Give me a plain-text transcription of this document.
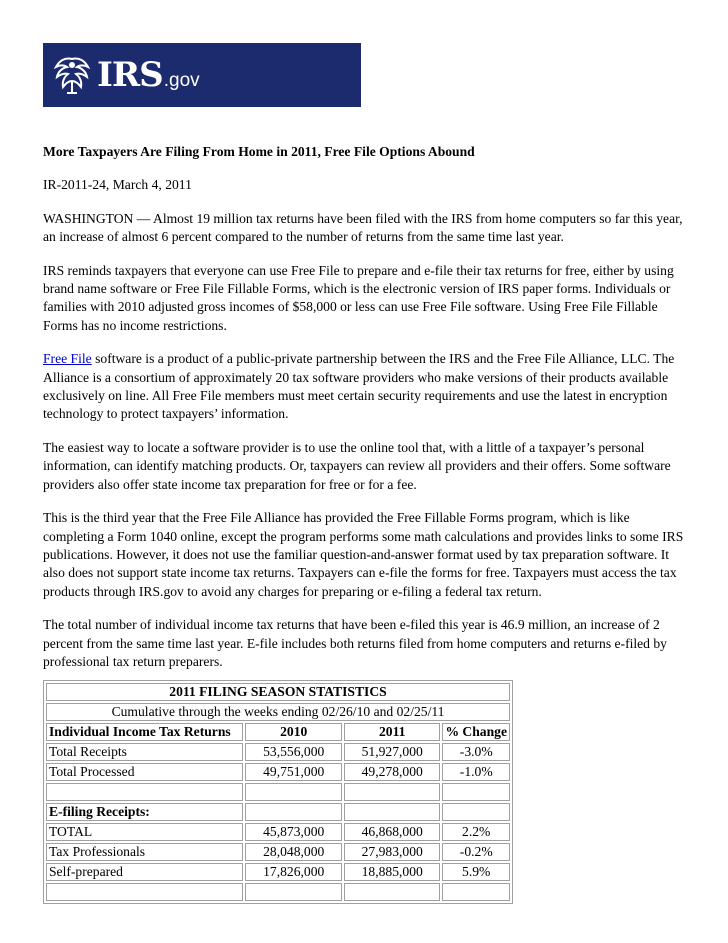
IRS .gov

More Taxpayers Are Filing From Home in 2011, Free File Options Abound

IR-2011-24, March 4, 2011

WASHINGTON — Almost 19 million tax returns have been filed with the IRS from home computers so far this year, an increase of almost 6 percent compared to the number of returns from the same time last year.

IRS reminds taxpayers that everyone can use Free File to prepare and e-file their tax returns for free, either by using brand name software or Free File Fillable Forms, which is the electronic version of IRS paper forms. Individuals or families with 2010 adjusted gross incomes of $58,000 or less can use Free File software. Using Free File Fillable Forms has no income restrictions.

Free File software is a product of a public-private partnership between the IRS and the Free File Alliance, LLC. The Alliance is a consortium of approximately 20 tax software providers who make versions of their products available exclusively on line. All Free File members must meet certain security requirements and use the latest in encryption technology to protect taxpayers’ information.

The easiest way to locate a software provider is to use the online tool that, with a little of a taxpayer’s personal information, can identify matching products. Or, taxpayers can review all providers and their offers. Some software providers also offer state income tax preparation for free or for a fee.

This is the third year that the Free File Alliance has provided the Free Fillable Forms program, which is like completing a Form 1040 online, except the program performs some math calculations and provides links to some IRS publications. However, it does not use the familiar question-and-answer format used by tax preparation software. It also does not support state income tax returns. Taxpayers can e-file the forms for free. Taxpayers must access the tax products through IRS.gov to avoid any charges for preparing or e-filing a federal tax return.

The total number of individual income tax returns that have been e-filed this year is 46.9 million, an increase of 2 percent from the same time last year. E-file includes both returns filed from home computers and returns e-filed by professional tax return preparers.

2011 FILING SEASON STATISTICS			
Cumulative through the weeks ending 02/26/10 and 02/25/11			
Individual Income Tax Returns	2010	2011	% Change
Total Receipts	53,556,000	51,927,000	-3.0%
Total Processed	49,751,000	49,278,000	-1.0%

E-filing Receipts:			
TOTAL	45,873,000	46,868,000	2.2%
Tax Professionals	28,048,000	27,983,000	-0.2%
Self-prepared	17,826,000	18,885,000	5.9%
